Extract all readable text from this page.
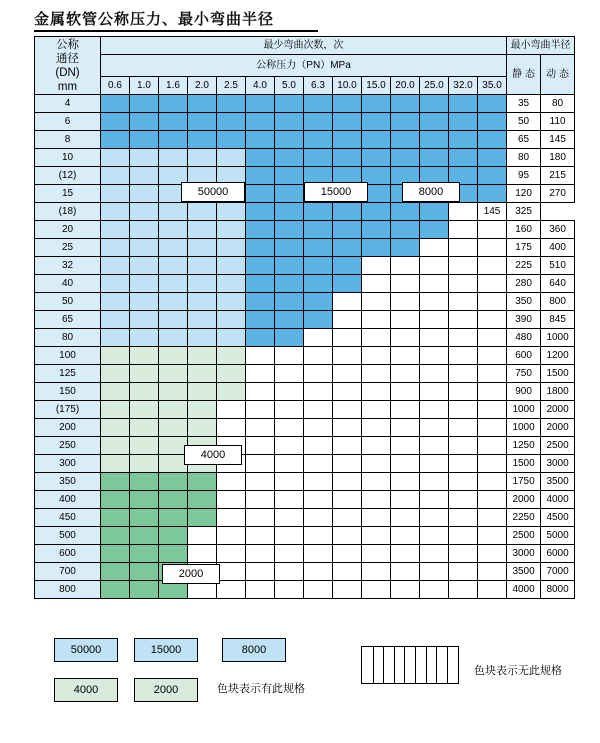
金属软管公称压力、最小弯曲半径
公称
通径
(DN)
mm	最少弯曲次数，次														最小弯曲半径	
	公称压力（PN）MPa														静 态	动 态
	0.6	1.0	1.6	2.0	2.5	4.0	5.0	6.3	10.0	15.0	20.0	25.0	32.0	35.0		
4															35	80
6															50	110
8															65	145
10															80	180
(12)															95	215
15															120	270
(18)														145	325	
20															160	360
25															175	400
32															225	510
40															280	640
50															350	800
65															390	845
80															480	1000
100															600	1200
125															750	1500
150															900	1800
(175)															1000	2000
200															1000	2000
250															1250	2500
300															1500	3000
350															1750	3500
400															2000	4000
450															2250	4500
500															2500	5000
600															3000	6000
700															3500	7000
800															4000	8000
50000	15000	8000
4000
2000
50000	15000	8000
4000	2000	色块表示有此规格
色块表示无此规格
